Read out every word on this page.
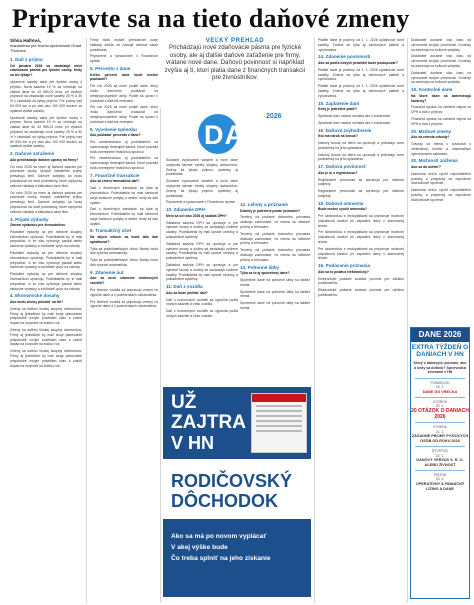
Pripravte sa na tieto daňové zmeny
Silvia Hallová,
manažérka pre tvorbu spoločnosti Grant Thornton
1. Daň z príjmu

Od januára 2026 sa zavádzajú nové zdaňovacie pásma pre fyzické osoby. Kedy sa ich týkajú?

Upravené sadzby dane pre fyzické osoby z príjmov. Nová sadzba 19 % sa vzťahuje na základ dane do 43 983,01 eura, pri vyšších príjmoch sa zavádzajú nové sadzby 25 % a 30 % v závislosti od výšky príjmov. Pre príjmy nad 60 000 eur a pri viac ako 100 000 eurách sa uplatnia vyššie sadzby.

Upravené sadzby dane pre fyzické osoby z príjmov. Nová sadzba 19 % sa vzťahuje na základ dane do 43 983,01 eura, pri vyšších príjmoch sa zavádzajú nové sadzby 25 % a 30 % v závislosti od výšky príjmov. Pre príjmy nad 60 000 eur a pri viac ako 100 000 eurách sa uplatnia vyššie sadzby.

2. Daňové zaťaženie

Ako prechádzajú daňové úpravy na firmy?

Od roku 2026 sa mení aj daňová sadzba pre právnické osoby, ktorých zdaniteľné príjmy presahujú limit. Daňové subjekty sa budú pripravovať na nové podmienky, ktoré ovplyvnia celkové náklady a kalkuláciu cash flow.

Od roku 2026 sa mení aj daňová sadzba pre právnické osoby, ktorých zdaniteľné príjmy presahujú limit. Daňové subjekty sa budú pripravovať na nové podmienky, ktoré ovplyvnia celkové náklady a kalkuláciu cash flow.

3. Prijaté výdavky

Zmena výdavkov pre živnostníkov.

Paušálne výdavky sa pre niektoré skupiny živnostníkov upravujú. Podnikatelia by si mali prepočítať, či im viac vyhovuje paušál alebo skutočné výdavky a zohľadniť vplyv na odvody.

Paušálne výdavky sa pre niektoré skupiny živnostníkov upravujú. Podnikatelia by si mali prepočítať, či im viac vyhovuje paušál alebo skutočné výdavky a zohľadniť vplyv na odvody.

Paušálne výdavky sa pre niektoré skupiny živnostníkov upravujú. Podnikatelia by si mali prepočítať, či im viac vyhovuje paušál alebo skutočné výdavky a zohľadniť vplyv na odvody.

4. Ekonomické dosahy

Ako budú zmeny pôsobiť na trh?

Zmeny sa dotknú širokej skupiny daňovníkov. Firmy aj jednotlivci by mali svoje plánovanie prispôsobiť novým pravidlám včas a zvážiť dopad na rozpočet na budúci rok.

Zmeny sa dotknú širokej skupiny daňovníkov. Firmy aj jednotlivci by mali svoje plánovanie prispôsobiť novým pravidlám včas a zvážiť dopad na rozpočet na budúci rok.

Zmeny sa dotknú širokej skupiny daňovníkov. Firmy aj jednotlivci by mali svoje plánovanie prispôsobiť novým pravidlám včas a zvážiť dopad na rozpočet na budúci rok.

Firmy budú musieť prehodnotiť svoje náklady, keďže sa zvyšuje celková záťaž podnikania.

Pripravené a spracované v Finančnom správe

5. Percento z dane

Koľko percent dane bude možné poukázať?

Pre rok 2026 sa mení podiel dane, ktorý môžu daňovníci poukázať na verejnoprospešné účely. Podiel sa upraví v súvislosti s ďalšími zmenami.

Pre rok 2026 sa mení podiel dane, ktorý môžu daňovníci poukázať na verejnoprospešné účely. Podiel sa upraví v súvislosti s ďalšími zmenami.

6. Vyvolenie spôsobu

Ako pokladať percento z dane?

Pre zamestnancov aj podnikateľov sa zachovávajú doterajšie tlačivá. Nové pravidlá budú zverejnené finančnou správou.

Pre zamestnancov aj podnikateľov sa zachovávajú doterajšie tlačivá. Nové pravidlá budú zverejnené finančnou správou.

7. Finančné transakcie

Ako sa zmení transakčná daň?

Daň z finančných transakcií sa týka aj živnostníkov. Podnikatelia by mali sledovať svoje bankové pohyby a vedieť, kedy sa daň uplatní.

Daň z finančných transakcií sa týka aj živnostníkov. Podnikatelia by mali sledovať svoje bankové pohyby a vedieť, kedy sa daň uplatní.

8. Transakčný účet

Na akých účtoch sa bude táto daň uplatňovať?

Týka sa podnikateľských účtov. Banky budú daň vyberať automaticky.

Týka sa podnikateľských účtov. Banky budú daň vyberať automaticky.

9. Zdanenie áut

Ako sa mení zdanenie motorových vozidiel?

Pre firemné vozidlá sa pripravujú zmeny vo výpočte dane a v podmienkach oslobodenia.

Pre firemné vozidlá sa pripravujú zmeny vo výpočte dane a v podmienkach oslobodenia.

VEĽKÝ PREHĽAD

Prichádzajú nové zdaňovacie pásma pre fyzické osoby, ale aj ďalšie daňové zaťaženie pre firmy, vrátane nové dane. Daňovú povinnosť si napríklad zvýšia aj tí, ktorí platia dane z finančných transakcií pre živnostníkov.

DANE
2026

Súčasné zvyšovanie sadzieb a nové dane ovplyvnia takmer všetky skupiny daňovníkov. Zmeny sa týkajú príjmov, spotreby aj podnikania.

Súčasné zvyšovanie sadzieb a nové dane ovplyvnia takmer všetky skupiny daňovníkov. Zmeny sa týkajú príjmov, spotreby aj podnikania.

Pripravené a spracované v Finančnom správe

10. Zdanenie DPH

Mení sa od roku 2026 aj sadzba DPH?

Základná sadzba DPH sa upravuje a pre vybrané tovary a služby sa zavádzajú znížené sadzby. Podnikatelia by mali upraviť cenníky a pokladničné systémy.

Základná sadzba DPH sa upravuje a pre vybrané tovary a služby sa zavádzajú znížené sadzby. Podnikatelia by mali upraviť cenníky a pokladničné systémy.

Základná sadzba DPH sa upravuje a pre vybrané tovary a služby sa zavádzajú znížené sadzby. Podnikatelia by mali upraviť cenníky a pokladničné systémy.

11. Daň z vozidla

Ako sa bude počítať daň?

Daň z motorových vozidiel sa vypočíta podľa nových sadzieb a veku vozidla.

Daň z motorových vozidiel sa vypočíta podľa nových sadzieb a veku vozidla.

12. Lehoty a priznanie

Dokedy je potrebné podať priznanie?

Termíny na podanie daňového priznania ostávajú zachované, no menia sa niektoré prílohy a formuláre.

Termíny na podanie daňového priznania ostávajú zachované, no menia sa niektoré prílohy a formuláre.

Termíny na podanie daňového priznania ostávajú zachované, no menia sa niektoré prílohy a formuláre.

13. Pohonné látky

Týka sa to aj spotrebnej dane?

Spotrebné dane na pohonné látky sa taktiež menia.

Spotrebné dane na pohonné látky sa taktiež menia.

Spotrebné dane na pohonné látky sa taktiež menia.

UŽ
ZAJTRA
V HN
RODIČOVSKÝ
DÔCHODOK
Ako sa má po novom vyplácať
V akej výške bude
Čo treba splniť na jeho získanie

Platiteľ dane je povinný od 1. 1. 2026 uplatňovať nové sadzby. Zmena sa týka aj zálohových platieb a vyúčtovania.

14. Zdanenie povinnosti

Ako sa podľa nových pravidiel bude postupovať?

Platiteľ dane je povinný od 1. 1. 2026 uplatňovať nové sadzby. Zmena sa týka aj zálohových platieb a vyúčtovania.

Platiteľ dane je povinný od 1. 1. 2026 uplatňovať nové sadzby. Zmena sa týka aj zálohových platieb a vyúčtovania.

15. Zaplatenie daní

Kedy je potrebné platiť?

Splatnosť daní ostáva rovnaká ako v súčasnosti.

Splatnosť daní ostáva rovnaká ako v súčasnosti.

16. Daňové zvýhodnenie

Kto má nárok na bonus?

Daňový bonus na dieťa sa upravuje a pribúdajú nové podmienky na jeho uplatnenie.

Daňový bonus na dieťa sa upravuje a pribúdajú nové podmienky na jeho uplatnenie.

17. Daňová povinnosť

Ako je to s registráciou?

Registračné povinnosti sa sprísňujú pre niektoré subjekty.

Registračné povinnosti sa sprísňujú pre niektoré subjekty.

18. Daňová amnestia

Bude možné využiť amnestiu?

Pre daňovníkov s nedoplatkami sa pripravuje možnosť odpustenia sankcií pri zaplatení istiny v stanovenej lehote.

Pre daňovníkov s nedoplatkami sa pripravuje možnosť odpustenia sankcií pri zaplatení istiny v stanovenej lehote.

Pre daňovníkov s nedoplatkami sa pripravuje možnosť odpustenia sankcií pri zaplatení istiny v stanovenej lehote.

19. Podávanie priznania

Ako sa to podáva elektronicky?

Elektronické podanie zostáva povinné pre väčšinu podnikateľov.

Elektronické podanie zostáva povinné pre väčšinu podnikateľov.

Dodávateľ dostane viac času na vyrovnanie svojich povinností. Kontroly sa zamerajú na rizikové subjekty.

Dodávateľ dostane viac času na vyrovnanie svojich povinností. Kontroly sa zamerajú na rizikové subjekty.

Dodávateľ dostane viac času na vyrovnanie svojich povinností. Kontroly sa zamerajú na rizikové subjekty.

19. Kontrolné dane

Na ktoré dane sa zameriavajú kontroly?

Finančná správa sa zameria najmä na DPH a daň z príjmov.

Finančná správa sa zameria najmä na DPH a daň z príjmov.

20. Mzdové zmeny

Ako sa zmenia odvody?

Odvody sa menia v súvislosti s minimálnou mzdou a maximálnym vymeriavacím základom.

20. Možnosti zníženia

Ako sa dá ušetriť?

Daňovníci môžu využiť odpočítateľné položky a príspevky na doplnkové dôchodkové sporenie.

Daňovníci môžu využiť odpočítateľné položky a príspevky na doplnkové dôchodkové sporenie.

DANE 2026
EXTRA TÝŽDEŇ O DANIACH V HN
Ktorý z daňových priznaní, ako a kedy sa dotknú? Sprievodca zmenami v HN
PONDELOK
15. 1.
DANE DO VRECKA
UTOROK
20. 1.
20 OTÁZOK O DANIACH 2026
STREDA
21. 1.
ZÁSADNÉ PRÍJMY FYZICKÝCH OSÔB OD ROKU 2026
ŠTVRTOK
22. 1.
DANOVÝ VERZUS S. R. O. ALEBO ŽIVNOSŤ
PIATOK
23. 1.
OPERATÍVNY A FINANČNÝ LÍZING A DANE
